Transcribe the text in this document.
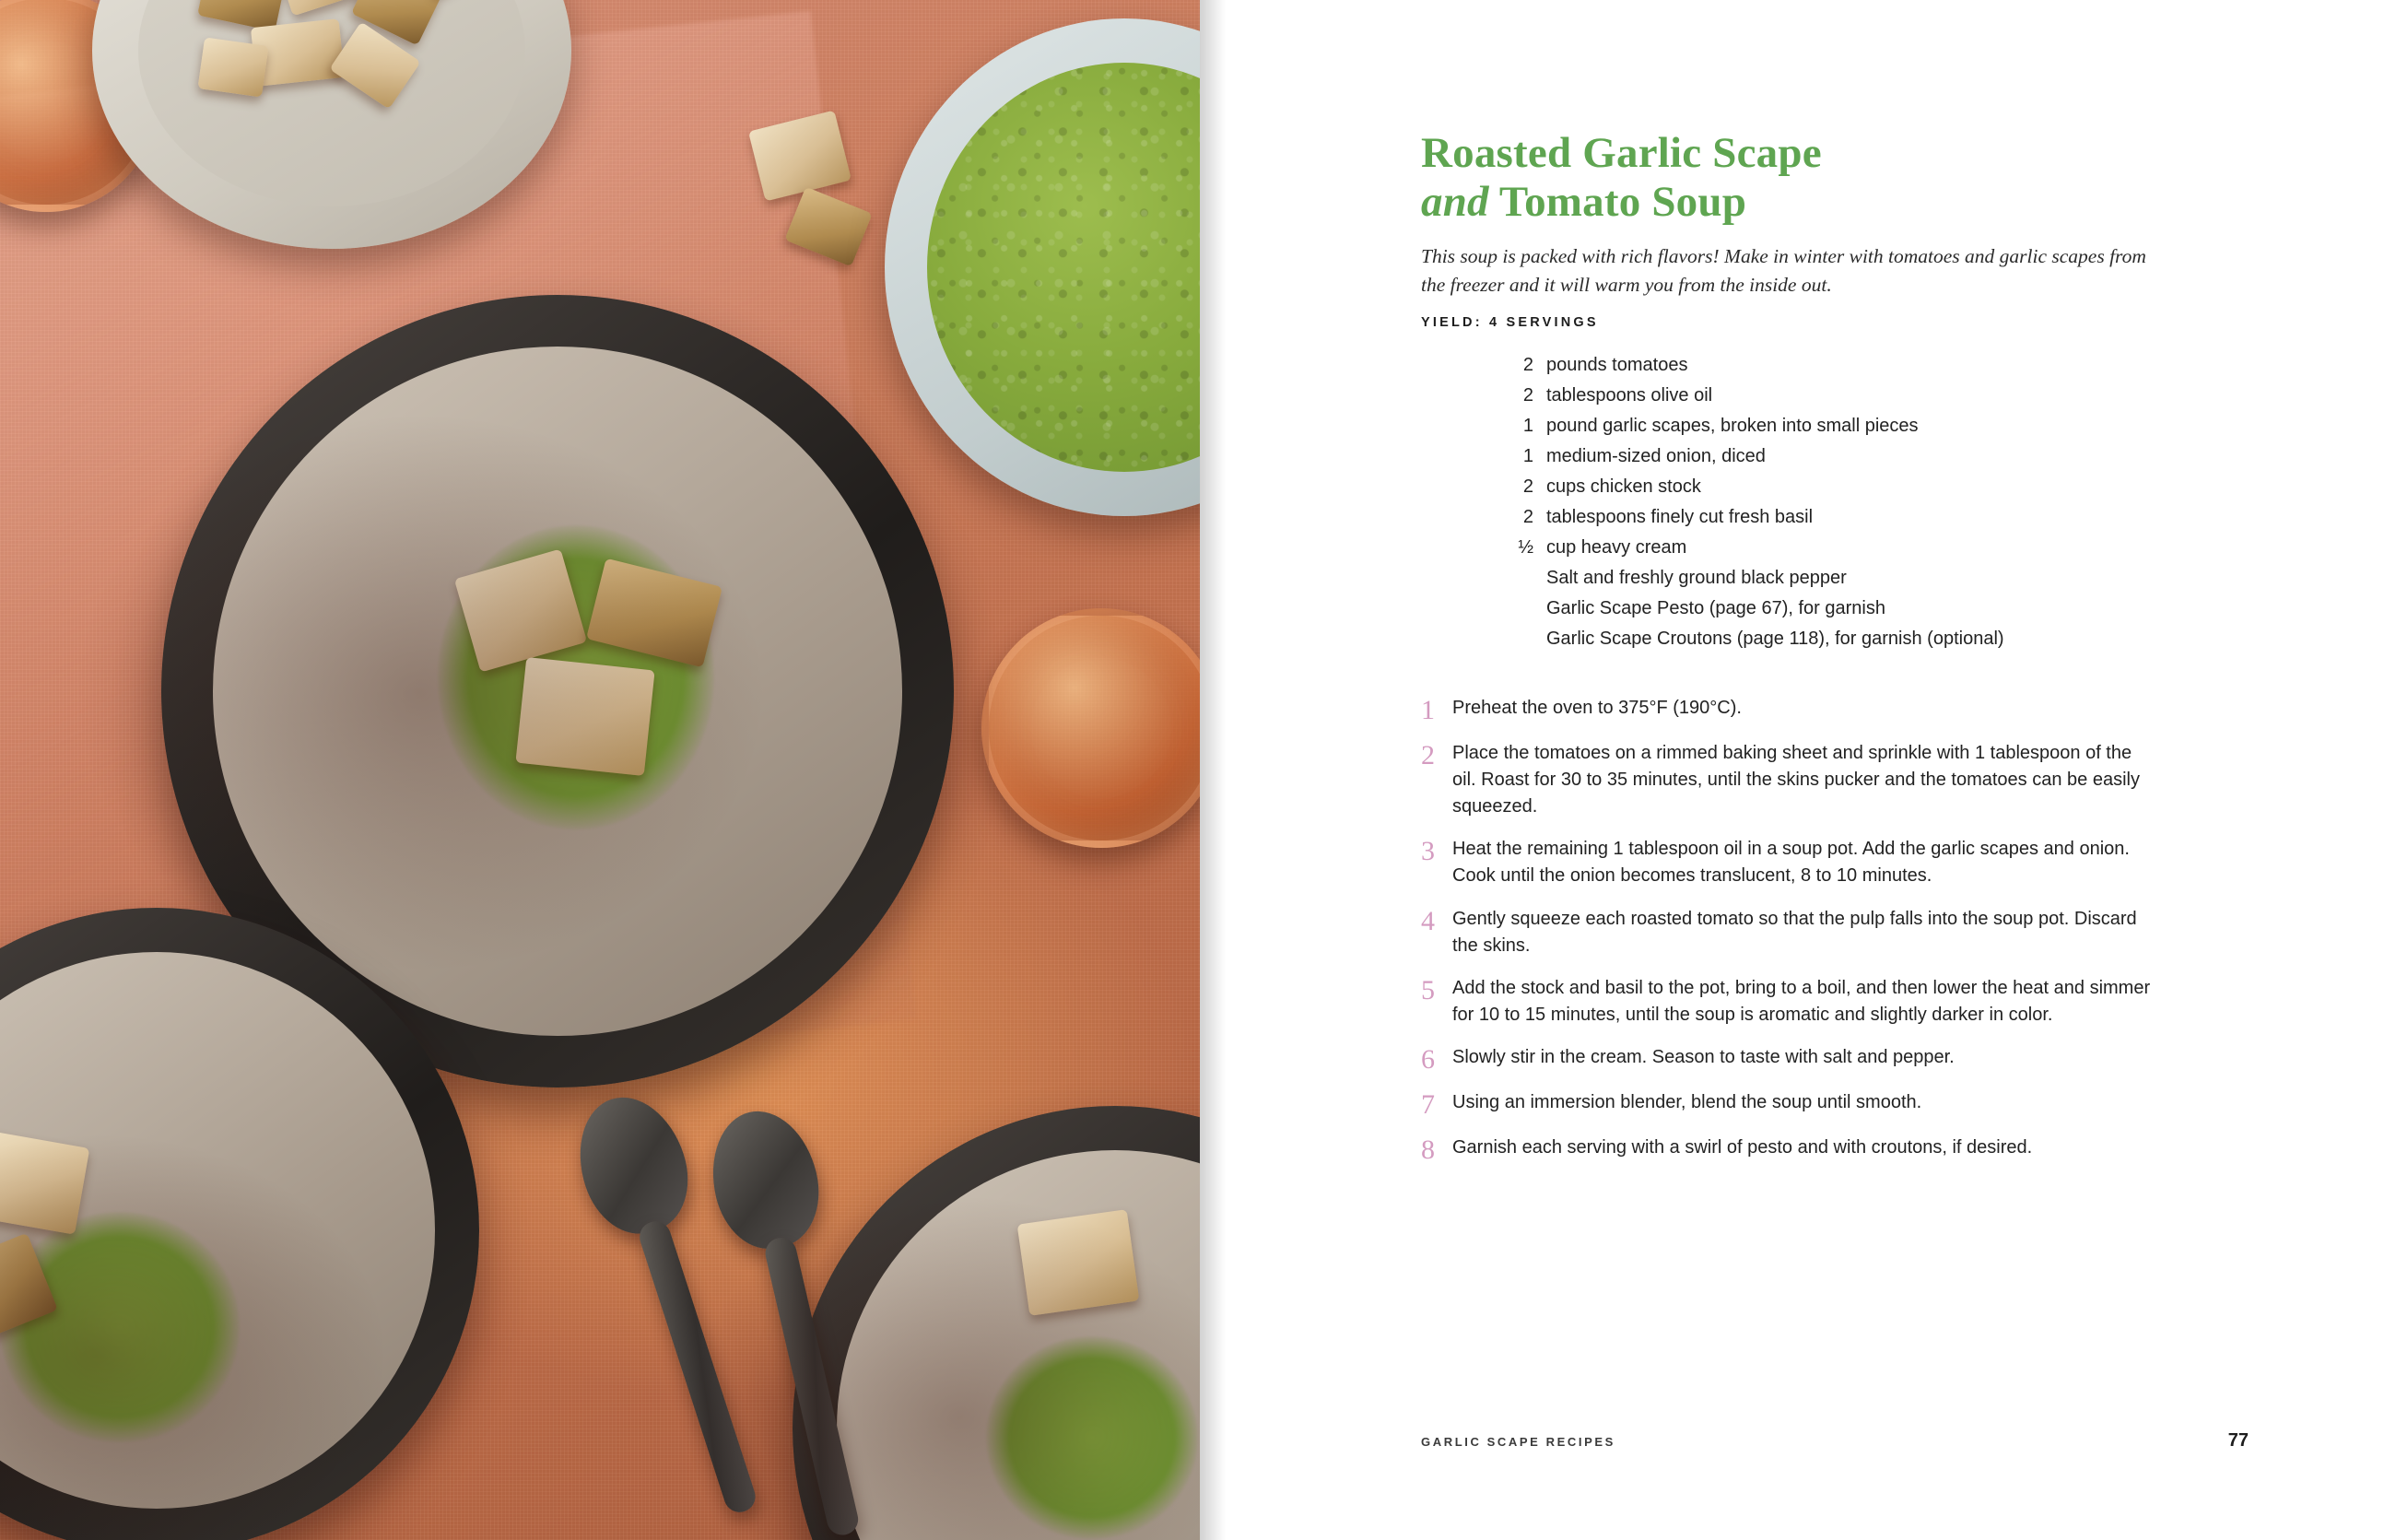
Roasted Garlic Scape
and Tomato Soup

This soup is packed with rich flavors! Make in winter with tomatoes and garlic scapes from the freezer and it will warm you from the inside out.

YIELD: 4 SERVINGS
2 pounds tomatoes
2 tablespoons olive oil
1 pound garlic scapes, broken into small pieces
1 medium-sized onion, diced
2 cups chicken stock
2 tablespoons finely cut fresh basil
½ cup heavy cream
Salt and freshly ground black pepper
Garlic Scape Pesto (page 67), for garnish
Garlic Scape Croutons (page 118), for garnish (optional)
1 Preheat the oven to 375°F (190°C).
2 Place the tomatoes on a rimmed baking sheet and sprinkle with 1 tablespoon of the oil. Roast for 30 to 35 minutes, until the skins pucker and the tomatoes can be easily squeezed.
3 Heat the remaining 1 tablespoon oil in a soup pot. Add the garlic scapes and onion. Cook until the onion becomes translucent, 8 to 10 minutes.
4 Gently squeeze each roasted tomato so that the pulp falls into the soup pot. Discard the skins.
5 Add the stock and basil to the pot, bring to a boil, and then lower the heat and simmer for 10 to 15 minutes, until the soup is aromatic and slightly darker in color.
6 Slowly stir in the cream. Season to taste with salt and pepper.
7 Using an immersion blender, blend the soup until smooth.
8 Garnish each serving with a swirl of pesto and with croutons, if desired.
GARLIC SCAPE RECIPES	77
